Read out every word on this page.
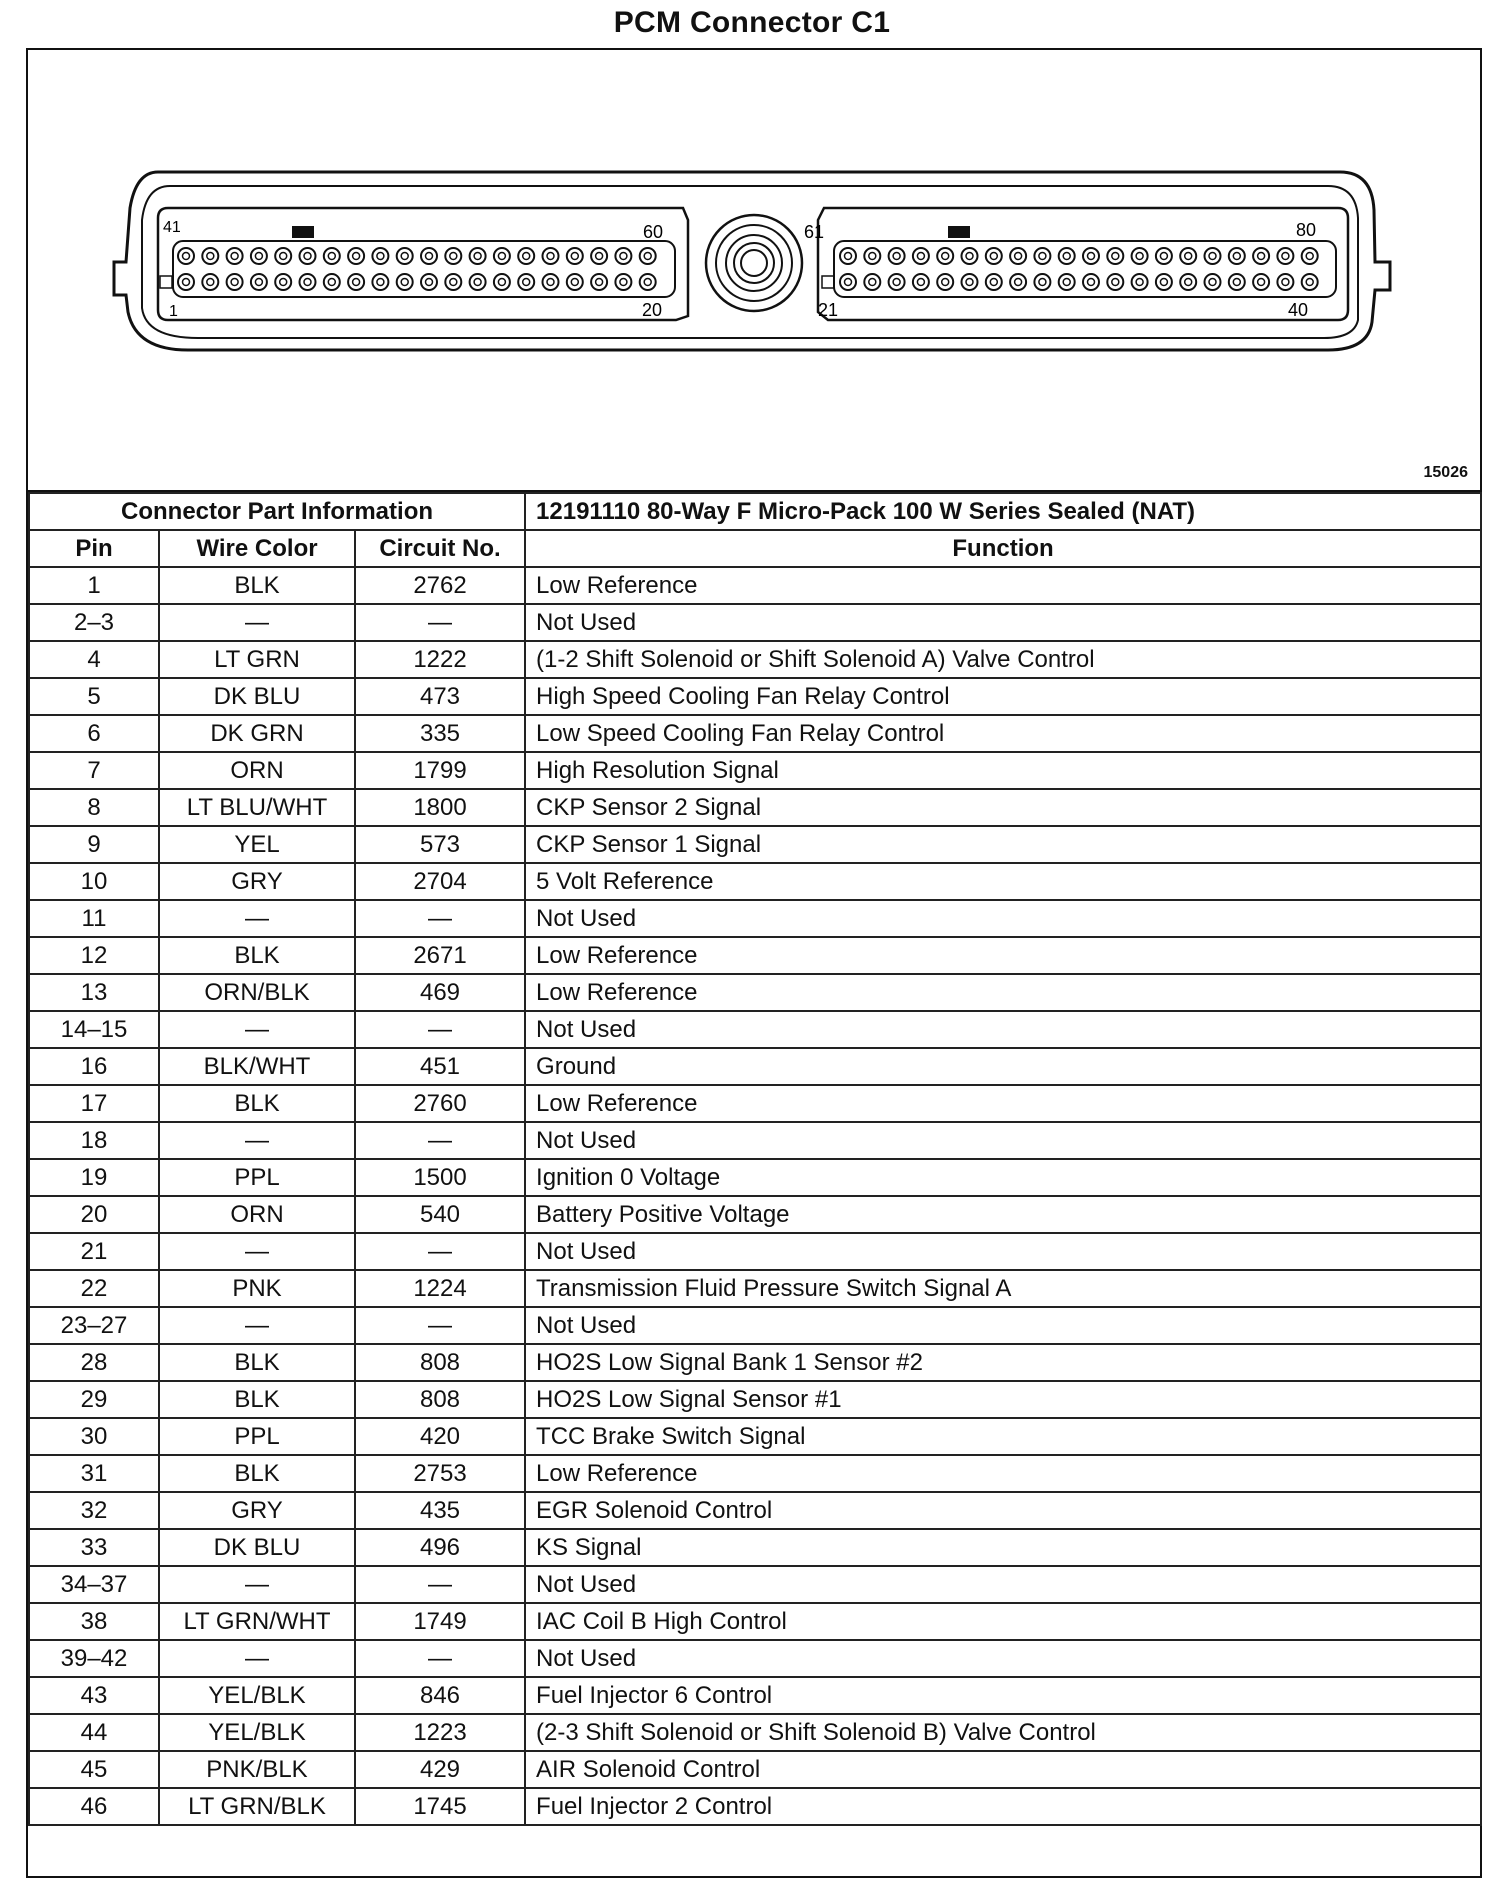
PCM Connector C1
41	60
1	20
61	80
21	40
15026
Connector Part Information			12191110 80-Way F Micro-Pack 100 W Series Sealed (NAT)
Pin	Wire Color	Circuit No.	Function
1	BLK	2762	Low Reference
2–3	—	—	Not Used
4	LT GRN	1222	(1-2 Shift Solenoid or Shift Solenoid A) Valve Control
5	DK BLU	473	High Speed Cooling Fan Relay Control
6	DK GRN	335	Low Speed Cooling Fan Relay Control
7	ORN	1799	High Resolution Signal
8	LT BLU/WHT	1800	CKP Sensor 2 Signal
9	YEL	573	CKP Sensor 1 Signal
10	GRY	2704	5 Volt Reference
11	—	—	Not Used
12	BLK	2671	Low Reference
13	ORN/BLK	469	Low Reference
14–15	—	—	Not Used
16	BLK/WHT	451	Ground
17	BLK	2760	Low Reference
18	—	—	Not Used
19	PPL	1500	Ignition 0 Voltage
20	ORN	540	Battery Positive Voltage
21	—	—	Not Used
22	PNK	1224	Transmission Fluid Pressure Switch Signal A
23–27	—	—	Not Used
28	BLK	808	HO2S Low Signal Bank 1 Sensor #2
29	BLK	808	HO2S Low Signal Sensor #1
30	PPL	420	TCC Brake Switch Signal
31	BLK	2753	Low Reference
32	GRY	435	EGR Solenoid Control
33	DK BLU	496	KS Signal
34–37	—	—	Not Used
38	LT GRN/WHT	1749	IAC Coil B High Control
39–42	—	—	Not Used
43	YEL/BLK	846	Fuel Injector 6 Control
44	YEL/BLK	1223	(2-3 Shift Solenoid or Shift Solenoid B) Valve Control
45	PNK/BLK	429	AIR Solenoid Control
46	LT GRN/BLK	1745	Fuel Injector 2 Control
